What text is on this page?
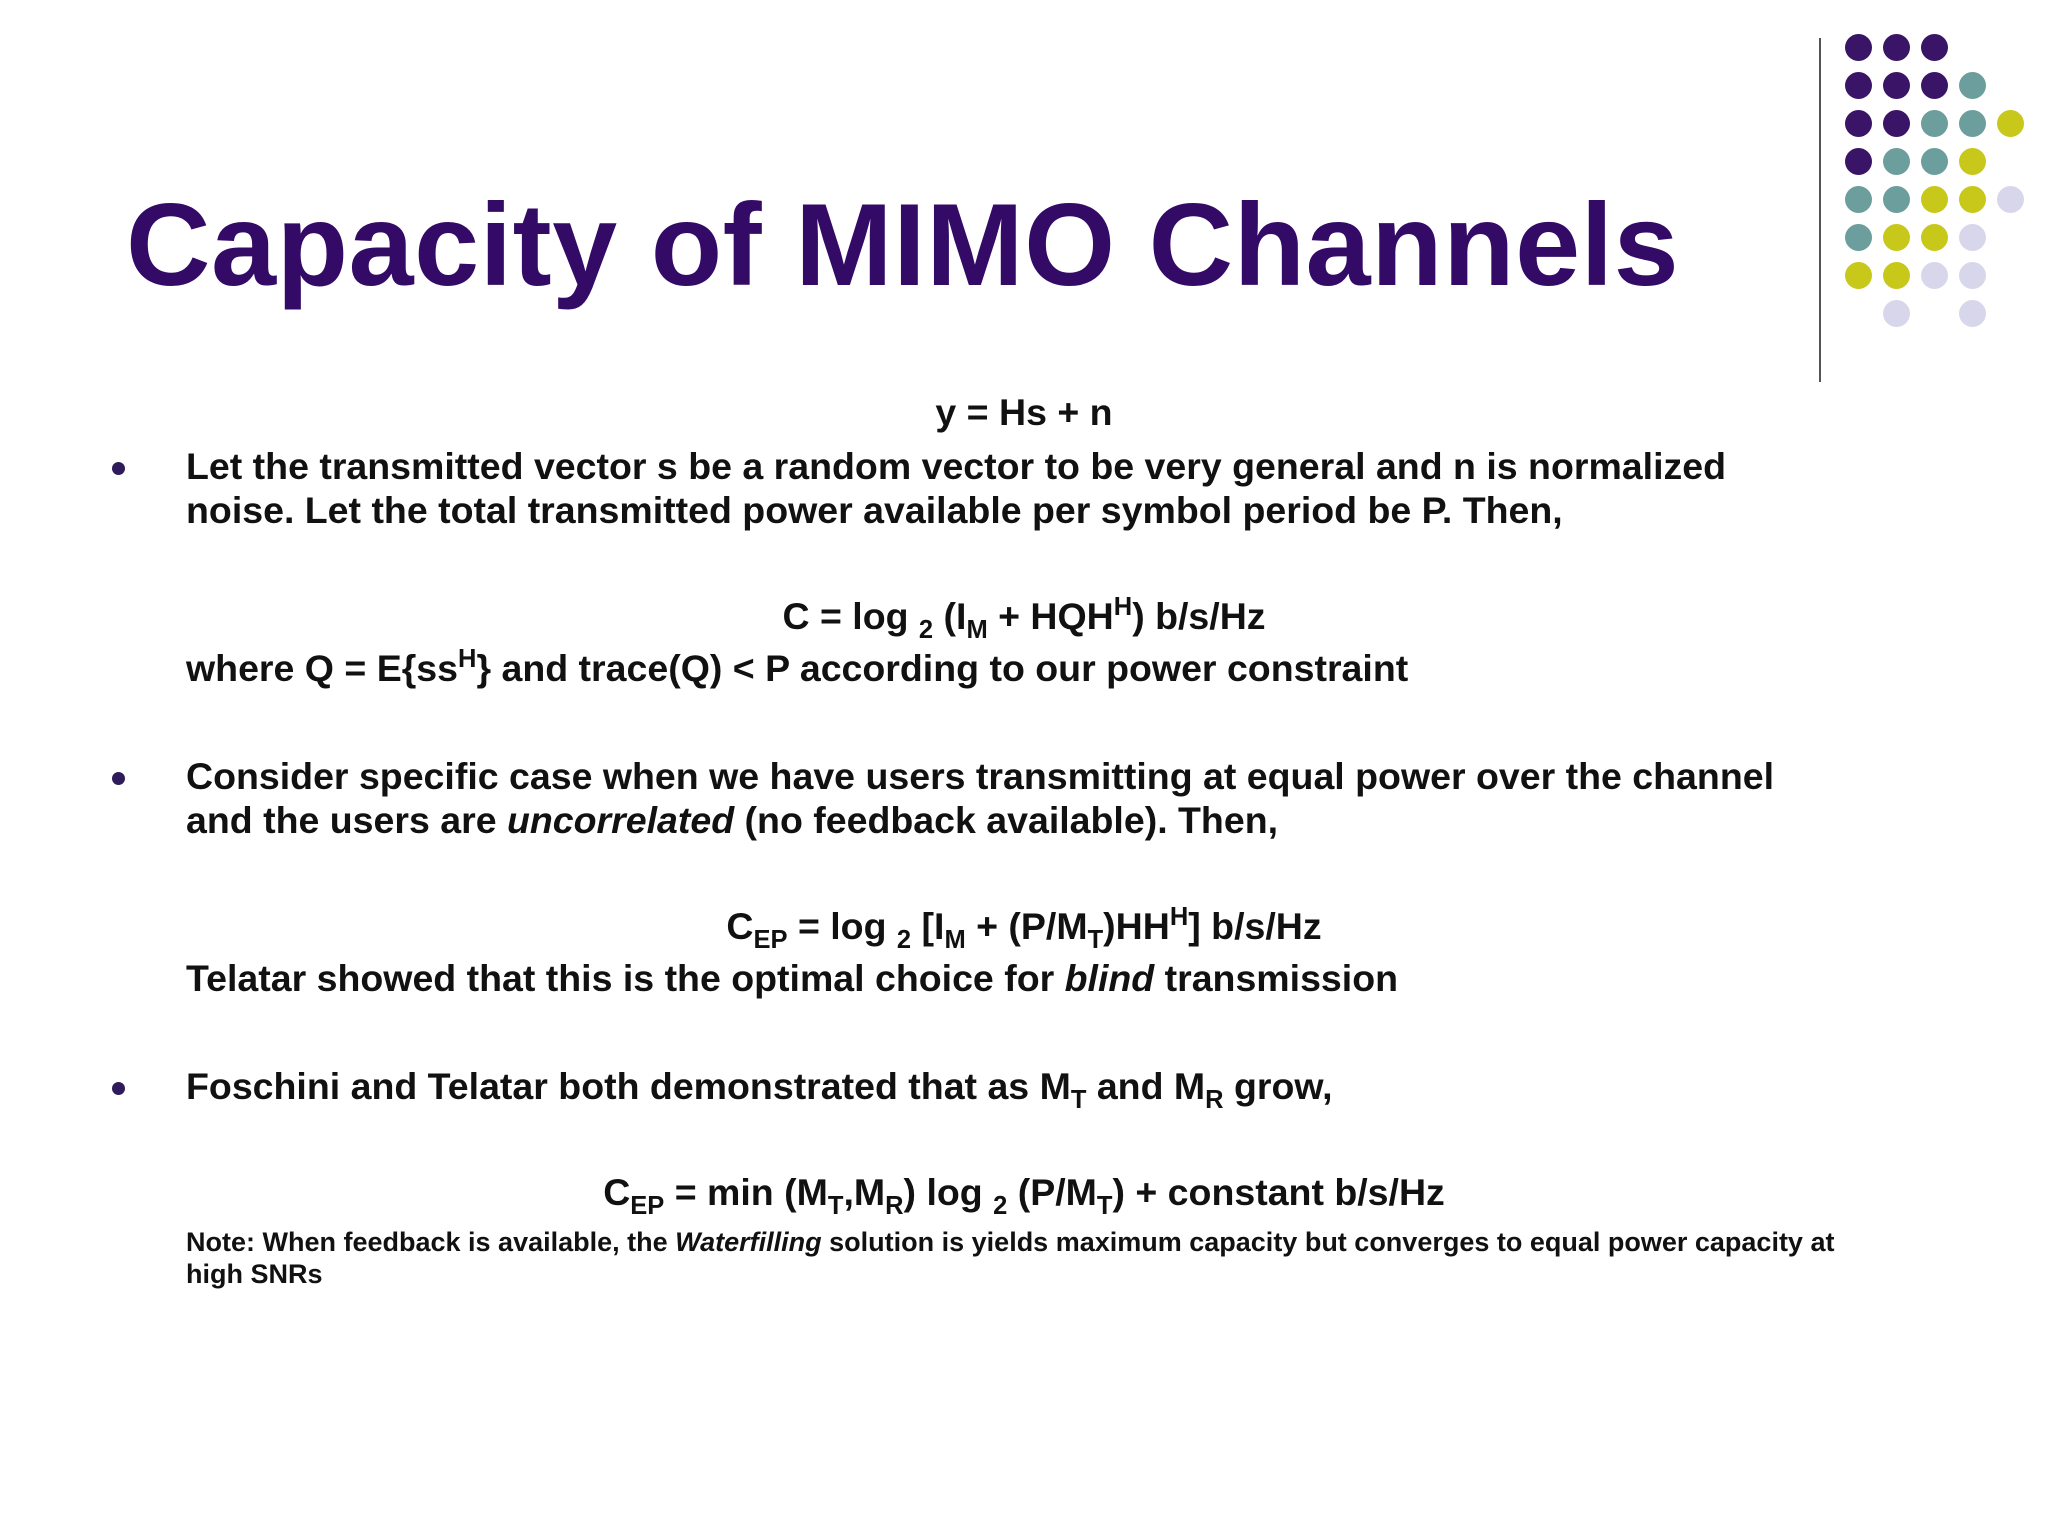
Capacity of MIMO Channels
y = Hs + n
Let the transmitted vector s be a random vector to be very general and n is normalized
noise. Let the total transmitted power available per symbol period be P. Then,
C = log $_2$ $(I_M + HQH^H)$ b/s/Hz
where $Q = E\{ss^H\}$ and trace(Q) < P according to our power constraint
Consider specific case when we have users transmitting at equal power over the channel
and the users are uncorrelated (no feedback available). Then,
$C_{EP} = \log _2$ $[I_M + (P/M_T)HH^H]$ b/s/Hz
Telatar showed that this is the optimal choice for blind transmission
Foschini and Telatar both demonstrated that as $M_T$ and $M_R$ grow,
$C_{EP} = \min (M_T,M_R)$ log $_2$ $(P/M_T)$ + constant b/s/Hz
Note: When feedback is available, the Waterfilling solution is yields maximum capacity but converges to equal power capacity at
high SNRs
